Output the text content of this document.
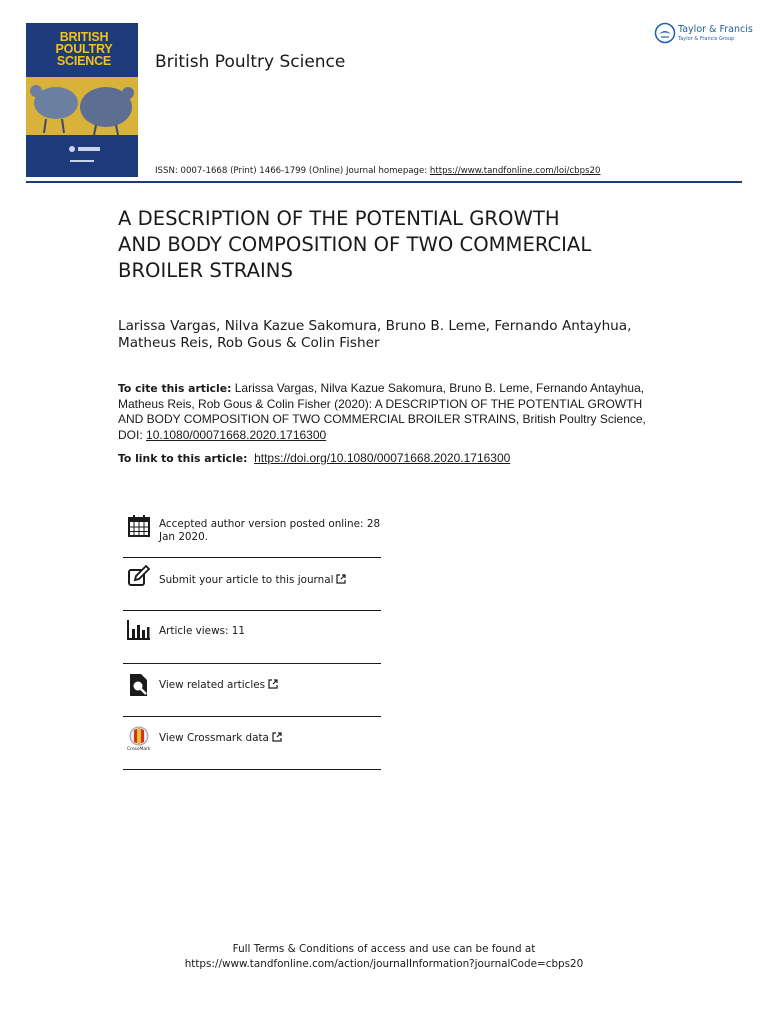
BRITISH
POULTRY
SCIENCE	British Poultry Science
Taylor & Francis
Taylor & Francis Group
ISSN: 0007-1668 (Print) 1466-1799 (Online) Journal homepage: https://www.tandfonline.com/loi/cbps20
A DESCRIPTION OF THE POTENTIAL GROWTH
AND BODY COMPOSITION OF TWO COMMERCIAL
BROILER STRAINS
Larissa Vargas, Nilva Kazue Sakomura, Bruno B. Leme, Fernando Antayhua,
Matheus Reis, Rob Gous & Colin Fisher
To cite this article: Larissa Vargas, Nilva Kazue Sakomura, Bruno B. Leme, Fernando Antayhua,
Matheus Reis, Rob Gous & Colin Fisher (2020): A DESCRIPTION OF THE POTENTIAL GROWTH
AND BODY COMPOSITION OF TWO COMMERCIAL BROILER STRAINS, British Poultry Science,
DOI: 10.1080/00071668.2020.1716300
To link to this article: https://doi.org/10.1080/00071668.2020.1716300
Accepted author version posted online: 28
Jan 2020.
Submit your article to this journal
Article views: 11
View related articles
CrossMark
View Crossmark data
Full Terms & Conditions of access and use can be found at
https://www.tandfonline.com/action/journalInformation?journalCode=cbps20
